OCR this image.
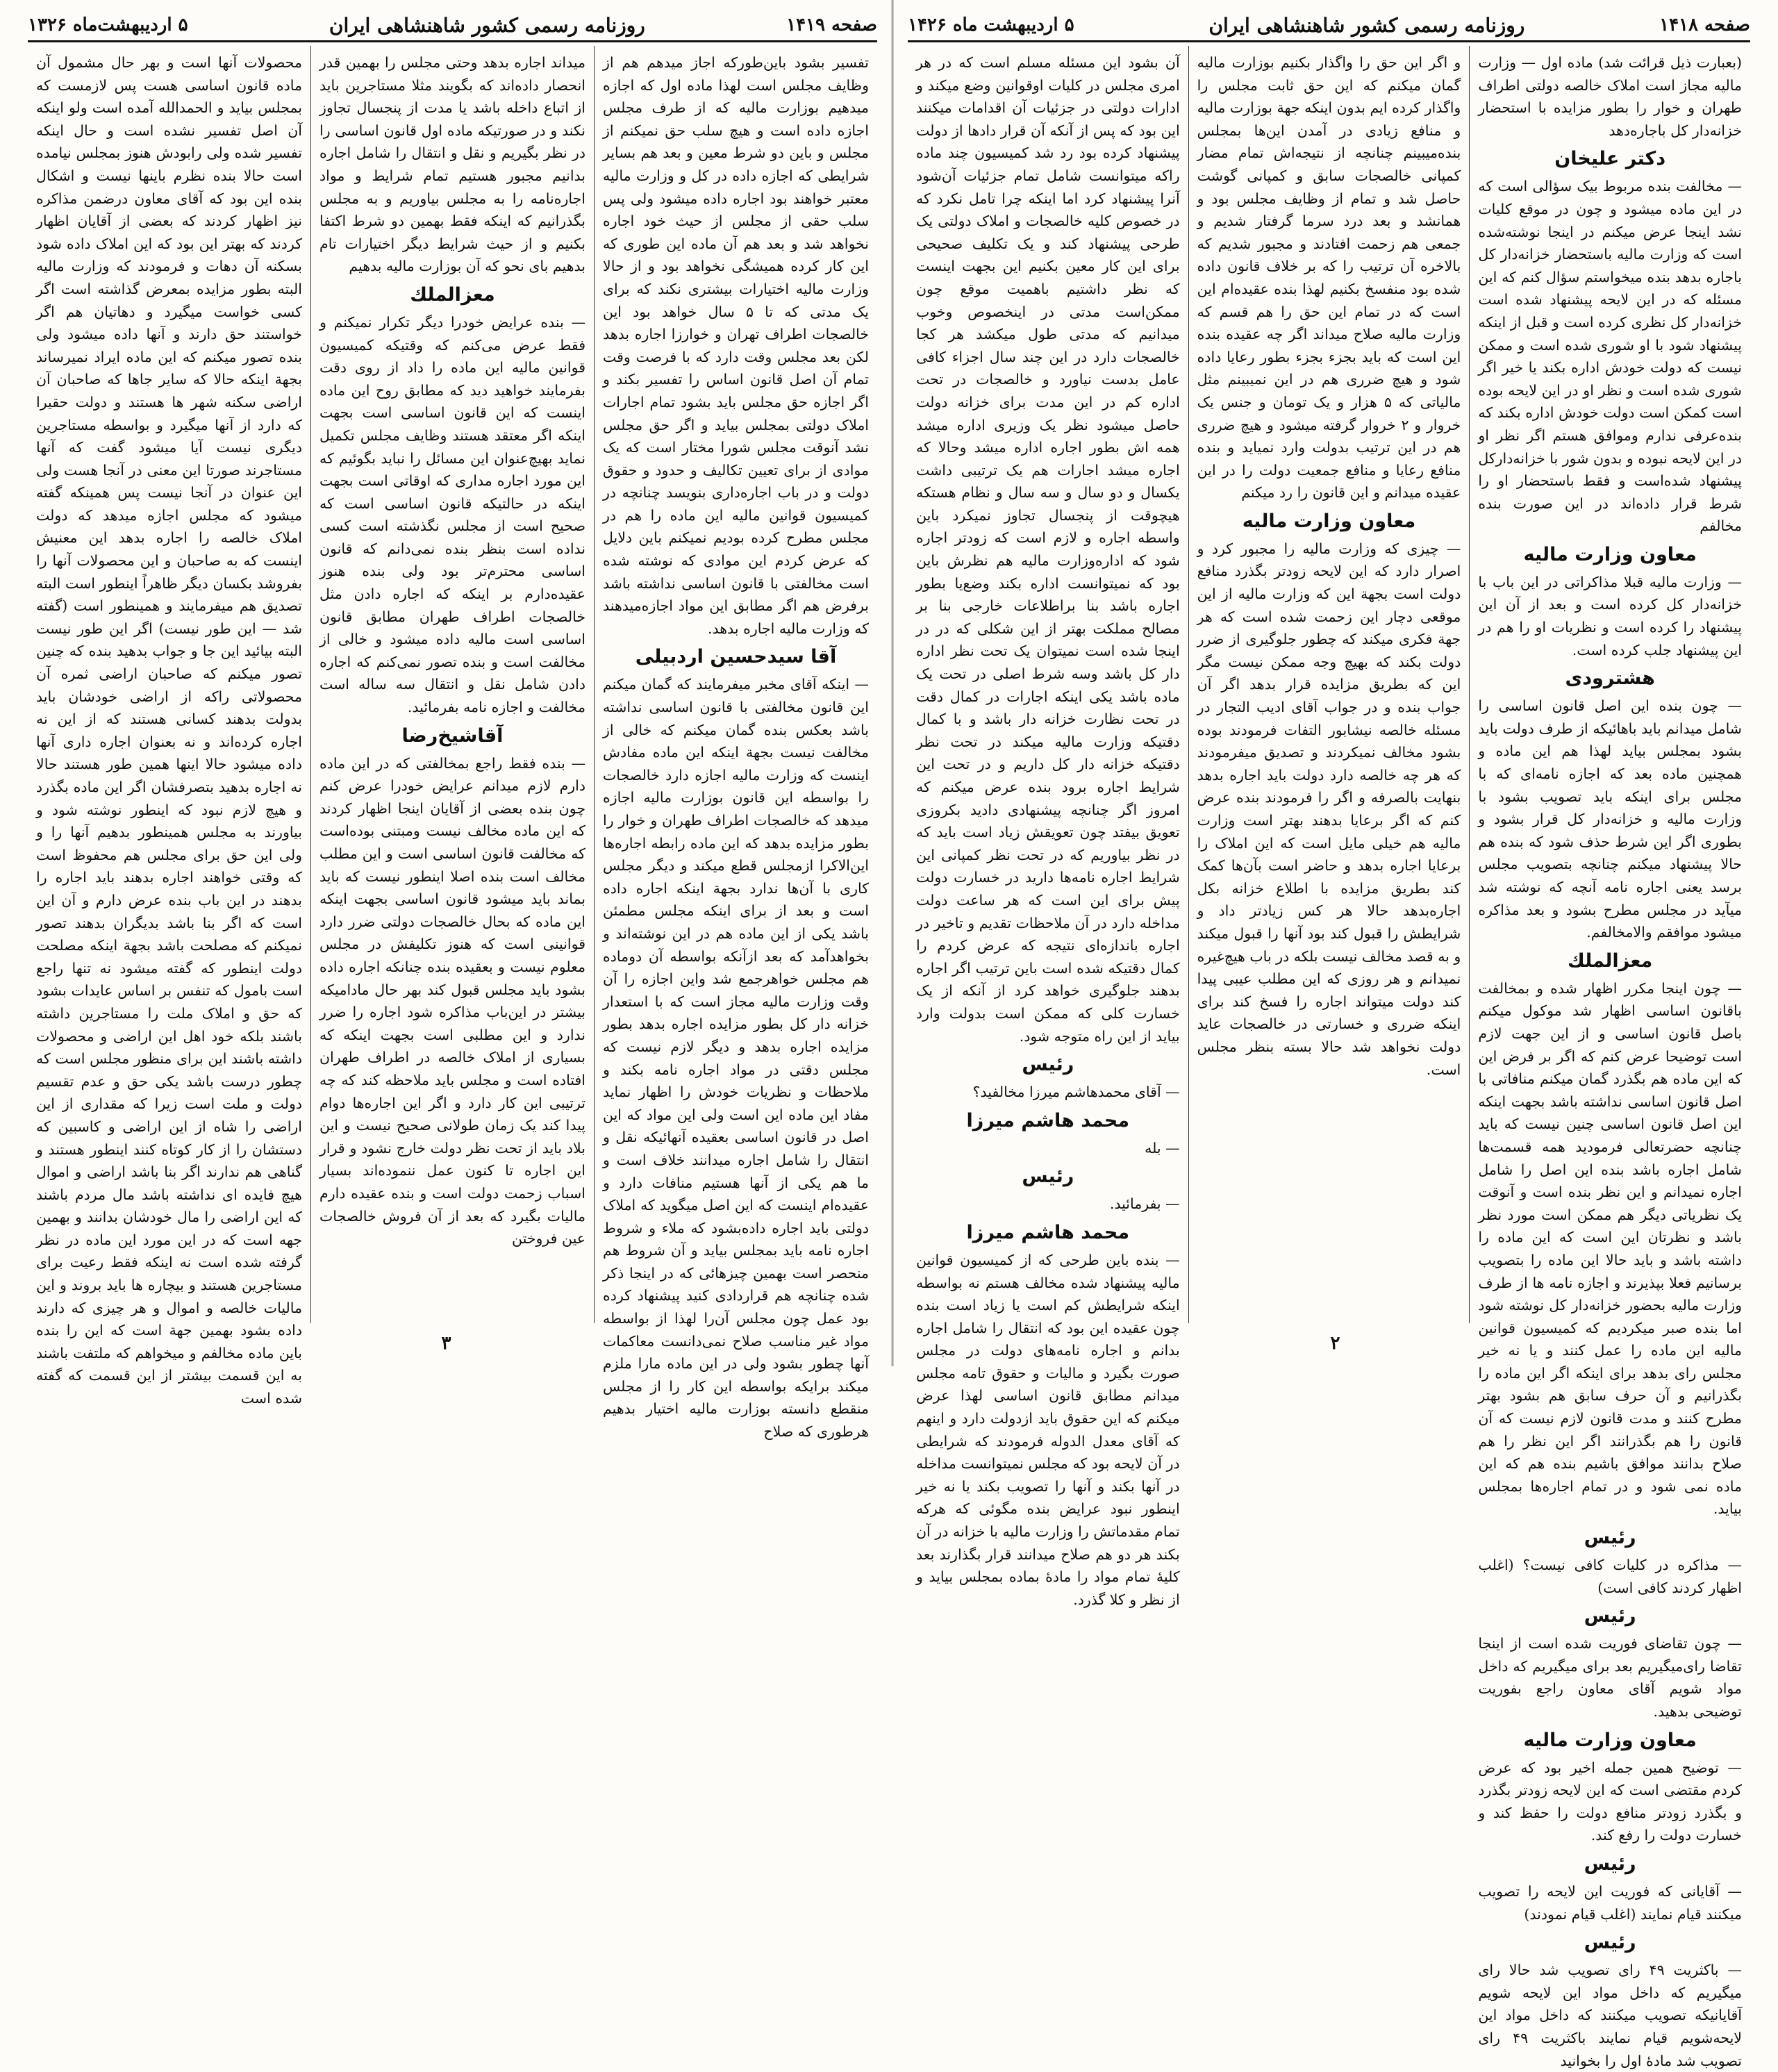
صفحه ۱۴۱۹
روزنامه رسمی کشور شاهنشاهی ایران
۵ اردیبهشت‌ماه ۱۳۲۶
تفسیر بشود باین‌طورکه اجاز میدهم هم از وظایف مجلس است لهذا ماده اول که اجازه میدهیم بوزارت مالیه که از طرف مجلس اجازه داده است و هیچ سلب حق نمیکنم از مجلس و باین دو شرط معین و بعد هم بسایر شرایطی که اجازه داده در کل و وزارت مالیه معتبر خواهند بود اجاره داده میشود ولی پس سلب حقی از مجلس از حیث خود اجاره نخواهد شد و بعد هم آن ماده این طوری که این کار کرده همیشگی نخواهد بود و از حالا وزارت مالیه اختیارات بیشتری نکند که برای یک مدتی که تا ۵ سال خواهد بود این خالصجات اطراف تهران و خوارزا اجاره بدهد لکن بعد مجلس وقت دارد که با فرصت وقت تمام آن اصل قانون اساس را تفسیر بکند و اگر اجازه حق مجلس باید بشود تمام اجارات املاک دولتی بمجلس بیاید و اگر حق مجلس نشد آنوقت مجلس شورا مختار است که یک موادی از برای تعیین تکالیف و حدود و حقوق دولت و در باب اجاره‌داری بنویسد چنانچه در کمیسیون قوانین مالیه این ماده را هم در مجلس مطرح کرده بودیم نمیکنم باین دلایل که عرض کردم این مواد‌ی که نوشته شده است مخالفتی با قانون اساسی نداشته باشد برفرض هم اگر مطابق این مواد اجازه‌میدهند که وزارت مالیه اجاره بدهد.
آقا سیدحسین اردبیلی
— اینکه آقای مخبر میفرمایند که گمان میکنم این قانون مخالفتی با قانون اساسی نداشته باشد بعکس بنده گمان میکنم که خالی از مخالفت نیست بجهة اینکه این ماده مفادش اینست که وزارت مالیه اجازه دارد خالصجات را بواسطه این قانون بوزارت مالیه اجازه میدهد که خالصجات اطراف طهران و خوار را بطور مزایده بدهد که این ماده رابطه اجاره‌ها این‌الاکرا ازمجلس قطع میکند و دیگر مجلس کاری با آن‌ها ندارد بجهة اینکه اجاره داده است و بعد از برای اینکه مجلس مطمئن باشد یکی از این ماده هم در این نوشته‌اند و بخواهد‌آمد که بعد ازآنکه بواسطه آن دوماده هم مجلس خواهرجمع شد واین اجازه را آن وقت وزارت مالیه مجاز است که با استعدار خزانه دار کل بطور مزایده اجاره بدهد بطور مزایده اجاره بدهد و دیگر لازم نیست که مجلس دقتی در مواد اجاره نامه بکند و ملاحظات و نظریات خودش را اظهار نماید مفاد این ماده این است ولی این مواد که این اصل در قانون اساسی بعقیده آنهائیکه نقل و انتقال را شامل اجاره میدانند خلاف است و ما هم یکی از آنها هستیم منافات دارد و عقیده‌ام اینست که این اصل میگوید که املاک دولتی باید اجاره داده‌بشود که ملاء و شروط اجاره نامه باید بمجلس بیاید و آن شروط هم منحصر است بهمین چیزهائی که در اینجا ذکر شده چنانچه هم قراردادی کنید پیشنهاد کرده بود عمل چون مجلس آن‌را لهذا از بواسطه مواد غیر مناسب صلاح نمی‌دانست معاکمات آنها چطور بشود ولی در این ماده مارا ملزم میکند برایکه بواسطه این کار را از مجلس منقطع دانسته بوزارت مالیه اختیار بدهیم هرطوری که صلاح
میداند اجاره بدهد وحتی مجلس را بهمین قدر انحصار داده‌اند که بگویند مثلا مستاجرین باید از اتباع داخله باشد یا مدت از پنجسال تجاوز نکند و در صورتیکه ماده اول قانون اساسی را در نظر بگیریم و نقل و انتقال را شامل اجاره بدانیم مجبور هستیم تمام شرایط و مواد اجاره‌نامه را به مجلس بیاوریم و به مجلس بگذرانیم که اینکه فقط بهمین دو شرط اکتفا بکنیم و از حیث شرایط دیگر اختیارات تام بدهیم بای نحو که آن بوزارت مالیه بدهیم
معزالملك
— بنده عرایض خودرا دیگر تکرار نمیکنم و فقط عرض می‌کنم که وقتیکه کمیسیون قوانین مالیه این ماده را داد از روی دقت بفرمایند خواهید دید که مطابق روح این ماده اینست که این قانون اساسی است بجهت اینکه اگر معتقد هستند وظایف مجلس تکمیل نماید بهیچ‌عنوان این مسائل را نباید بگوئیم که این مورد اجاره مداری که اوقاتی است بجهت اینکه در حالتیکه قانون اساسی است که صحیح است از مجلس نگذشته است کسی نداده است بنظر بنده نمی‌دانم که قانون اساسی محترم‌تر بود ولی بنده هنوز عقیده‌دارم بر اینکه که اجاره دادن مثل خالصجات اطراف طهران مطابق قانون اساسی است مالیه داده میشود و خالی از مخالفت است و بنده تصور نمی‌کنم که اجاره دادن شامل نقل و انتقال سه ساله است مخالفت و اجازه نامه بفرمائید.
آقاشیخ‌رضا
— بنده فقط راجع بمخالفتی که در این ماده دارم لازم میدانم عرایض خودرا عرض کنم چون بنده بعضی از آقایان اینجا اظهار کردند که این ماده مخالف نیست ومبتنی بوده‌است که مخالفت قانون اساسی است و این مطلب مخالف است بنده اصلا اینطور نیست که باید بماند باید میشود قانون اساسی بجهت اینکه این ماده که بحال خالصجات دولتی ضرر دارد قوانینی است که هنوز تکلیفش در مجلس معلوم نیست و بعقیده بنده چنانکه اجاره داده بشود باید مجلس قبول کند بهر حال مادامیکه بیشتر در این‌باب مذاکره شود اجاره را ضرر ندارد و این مطلبی است بجهت اینکه که بسیاری از املاک خالصه در اطراف طهران افتاده است و مجلس باید ملاحظه کند که چه ترتیبی این کار دارد و اگر این اجاره‌ها دوام پیدا کند یک زمان طولانی صحیح نیست و این بلاد باید از تحت نظر دولت خارج نشود و قرار این اجاره تا کنون عمل ننموده‌اند بسیار اسباب زحمت دولت است و بنده عقیده دارم مالیات بگیرد که بعد از آن فروش خالصجات عین فروختن
محصولات آنها است و بهر حال مشمول آن ماده قانون اساسی هست پس لازمست که بمجلس بیاید و الحمدالله آمده است ولو اینکه آن اصل تفسیر نشده است و حال اینکه تفسیر شده ولی رابودش هنوز بمجلس نیامده است حالا بنده نظرم باینها نیست و اشکال بنده این بود که آقای معاون درضمن مذاکره نیز اظهار کردند که بعضی از آقایان اظهار کردند که بهتر این بود که این املاک داده شود بسکنه آن دهات و فرمودند که وزارت مالیه البته بطور مزایده بمعرض گذاشته است اگر کسی خواست میگیرد و دهاتیان هم اگر خواستند حق دارند و آنها داده میشود ولی بنده تصور میکنم که این ماده ایراد نمیرساند بجهة اینکه حالا که سایر جاها که صاحبان آن اراضی سکنه شهر ها هستند و دولت حقیرا که دارد از آنها میگیرد و بواسطه مستاجرین دیگری نیست آیا میشود گفت که آنها مستاجرند صورتا این معنی در آنجا هست ولی این عنوان در آنجا نیست پس همینکه گفته میشود که مجلس اجازه میدهد که دولت املاک خالصه را اجاره بدهد این معنیش اینست که به صاحبان و این محصولات آنها را بفروشد بکسان دیگر ظاهراً اینطور است البته تصدیق هم میفرمایند و همینطور است (گفته شد — این طور نیست) اگر این طور نیست البته بیائید این جا و جواب بدهید بنده که چنین تصور میکنم که صاحبان اراضی ثمره آن محصولاتی راکه از اراضی خودشان باید بدولت بدهند کسانی هستند که از این نه اجاره کرده‌اند و نه بعنوان اجاره داری آنها داده میشود حالا اینها همین طور هستند حالا نه اجاره بدهید بتصرفشان اگر این ماده بگذرد و هیچ لازم نبود که اینطور نوشته شود و بیاورند به مجلس همینطور بدهیم آنها را و ولی این حق برای مجلس هم محفوظ است که وقتی خواهند اجاره بدهند باید اجاره را بدهند در این باب بنده عرض دارم و آن این است که اگر بنا باشد بدیگران بدهند تصور نمیکنم که مصلحت باشد بجهة اینکه مصلحت دولت اینطور که گفته میشود نه تنها راجع است بامول که تنفس بر اساس عایدات بشود که حق و املاک ملت را مستاجرین داشته باشند بلکه خود اهل این اراضی و محصولات داشته باشند این برای منظور مجلس است که چطور درست باشد یکی حق و عدم تقسیم دولت و ملت است زیرا که مقداری از این اراضی را شاه از این اراضی و کاسبین که دستشان را از کار کوتاه کنند اینطور هستند و گناهی هم ندارند اگر بنا باشد اراضی و اموال هیچ فایده ای نداشته باشد مال مردم باشند که این اراضی را مال خودشان بدانند و بهمین جهه است که در این مورد این ماده در نظر گرفته شده است نه اینکه فقط رعیت برای مستاجرین هستند و بیچاره ها باید بروند و این مالیات خالصه و اموال و هر چیزی که دارند داده بشود بهمین جهة است که این را بنده باین ماده مخالفم و میخواهم که ملتفت باشند به این قسمت بیشتر از این قسمت که گفته شده است
۳
صفحه ۱۴۱۸
روزنامه رسمی کشور شاهنشاهی ایران
۵ اردیبهشت ماه ۱۴۲۶
(بعبارت ذیل قرائت شد) ماده اول — وزارت مالیه مجاز است املاک خالصه دولتی اطراف طهران و خوار را بطور مزایده با استحضار خزانه‌دار کل باجاره‌دهد
دکتر علیخان
— مخالفت بنده مربوط بیک سؤالی است که در این ماده میشود و چون در موقع کلیات نشد اینجا عرض میکنم در اینجا نوشته‌شده است که وزارت مالیه باستحضار خزانه‌دار کل باجاره بدهد بنده میخواستم سؤال کنم که این مسئله که در این لایحه پیشنهاد شده است خزانه‌دار کل نظری کرده است و قبل از اینکه پیشنهاد شود با او شوری شده است و ممکن نیست که دولت خودش اداره بکند یا خیر اگر شوری شده است و نظر او در این لایحه بوده است کمکن است دولت خودش اداره بکند که بنده‌عرفی ندارم وموافق هستم اگر نظر او در این لایحه نبوده و بدون شور با خزانه‌دارکل پیشنهاد شده‌است و فقط باستحضار او را شرط قرار داده‌اند در این صورت بنده مخالفم
معاون وزارت مالیه
— وزارت مالیه قبلا مذاکراتی در این باب با خزانه‌دار کل کرده است و بعد از آن این پیشنهاد را کرده است و نظریات او را هم در این پیشنهاد جلب کرده است.
هشترودی
— چون بنده این اصل قانون اساسی را شامل میدانم باید باهائیکه از طرف دولت باید بشود بمجلس بیاید لهذا هم این ماده و همچنین ماده بعد که اجازه نامه‌ای که با مجلس برای اینکه باید تصویب بشود با وزارت مالیه و خزانه‌دار کل قرار بشود و بطوری اگر این شرط حذف شود که بنده هم حالا پیشنهاد میکنم چنانچه بتصویب مجلس برسد یعنی اجاره نامه آنچه که نوشته شد میآید در مجلس مطرح بشود و بعد مذاکره میشود موافقم والامخالفم.
معزالملك
— چون اینجا مکرر اظهار شده و بمخالفت باقانون اساسی اظهار شد موکول میکنم باصل قانون اساسی و از این جهت لازم است توضیحا عرض کنم که اگر بر فرض این که این ماده هم بگذرد گمان میکنم منافاتی با اصل قانون اساسی نداشته باشد بجهت اینکه این اصل قانون اساسی چنین نیست که باید چنانچه حضرتعالی فرمودید همه قسمت‌ها شامل اجاره باشد بنده این اصل را شامل اجاره نمیدانم و این نظر بنده است و آنوقت یک نظریاتی دیگر هم ممکن است مورد نظر باشد و نظرتان این است که این ماده را داشته باشد و باید حالا این ماده را بتصویب برسانیم فعلا بپذیرند و اجازه نامه ها از طرف وزارت مالیه بحضور خزانه‌دار کل نوشته شود اما بنده صبر میکردیم که کمیسیون قوانین مالیه این ماده را عمل کنند و یا نه خیر مجلس رای بدهد برای اینکه اگر این ماده را بگذرانیم و آن حرف سابق هم بشود بهتر مطرح کنند و مدت قانون لازم نیست که آن قانون را هم بگذرانند اگر این نظر را هم صلاح بدانند موافق باشیم بنده هم که این ماده نمی شود و در تمام اجاره‌ها بمجلس بیاید.
رئیس
— مذاکره در کلیات کافی نیست؟ (اغلب اظهار کردند کافی است)
رئیس
— چون تقاضای فوریت شده است از اینجا تقاضا رای‌میگیریم بعد برای میگیریم که داخل مواد شویم آقای معاون راجع بفوریت توضیحی بدهید.
معاون وزارت مالیه
— توضیح همین جمله اخیر بود که عرض کردم مقتضی است که این لایحه زودتر بگذرد و بگذرد زودتر منافع دولت را حفظ کند و خسارت دولت را رفع کند.
رئیس
— آقایانی که فوریت این لایحه را تصویب میکنند قیام نمایند (اغلب قیام نمودند)
رئیس
— باکثریت ۴۹ رای تصویب شد حالا رای میگیریم که داخل مواد این لایحه شویم آقایانیکه تصویب میکنند که داخل مواد این لایحه‌شویم قیام نمایند باکثریت ۴۹ رای تصویب شد مادهٔ اول را بخوانید
و اگر این حق را واگذار بکنیم بوزارت مالیه گمان میکنم که این حق ثابت مجلس را واگذار کرده ایم بدون اینکه جهة بوزارت مالیه و منافع زیادی در آمدن این‌ها بمجلس بنده‌میبینم چنانچه از نتیجه‌اش تمام مضار کمپانی خالصجات سابق و کمپانی گوشت حاصل شد و تمام از وظایف مجلس بود و همانشد و بعد درد سرما گرفتار شدیم و جمعی هم زحمت افتادند و مجبور شدیم که بالاخره آن ترتیب را که بر خلاف قانون داده شده بود منفسخ بکنیم لهذا بنده عقیده‌ام این است که در تمام این حق را هم قسم که وزارت مالیه صلاح میداند اگر چه عقیده بنده این است که باید بجزء بجزء بطور رعایا داده شود و هیچ ضرری هم در این نمیبینم مثل مالیاتی که ۵ هزار و یک تومان و جنس یک خروار و ۲ خروار گرفته میشود و هیچ ضرری هم در این ترتیب بدولت وارد نمیاید و بنده منافع رعایا و منافع جمعیت دولت را در این عقیده میدانم و این قانون را رد میکنم
معاون وزارت مالیه
— چیزی که وزارت مالیه را مجبور کرد و اصرار دارد که این لایحه زودتر بگذرد منافع دولت است بجهة این که وزارت مالیه از این موقعی دچار این زحمت شده است که هر جهة فکری میکند که چطور جلوگیری از ضرر دولت بکند که بهیچ وجه ممکن نیست مگر این که بطریق مزایده قرار بدهد اگر آن جواب بنده و در جواب آقای ادیب التجار در مسئله خالصه نیشابور التفات فرمودند بوده بشود مخالف نمیکردند و تصدیق میفرمودند که هر چه خالصه دارد دولت باید اجاره بدهد بنهایت بالصرفه و اگر را فرمودند بنده عرض کنم که اگر برعایا بدهند بهتر است وزارت مالیه هم خیلی مایل است که این املاک را برعایا اجاره بدهد و حاضر است بآن‌ها کمک کند بطریق مزایده با اطلاع خزانه بکل اجاره‌بدهد حالا هر کس زیادتر داد و شرایطش را قبول کند بود آنها را قبول میکند و به قصد مخالف نیست بلکه در باب هیچ‌غیره نمیدانم و هر روزی که این مطلب عیبی پیدا کند دولت میتواند اجاره را فسخ کند برای اینکه ضرری و خسارتی در خالصجات عاید دولت نخواهد شد حالا بسته بنظر مجلس است.
آن بشود این مسئله مسلم است که در هر امری مجلس در کلیات اوقوانین وضع میکند و ادارات دولتی در جزئیات آن اقدامات میکنند این بود که پس از آنکه آن قرار دادها از دولت پیشنهاد کرده بود رد شد کمیسیون چند ماده راکه میتوانست شامل تمام جزئیات آن‌شود آنرا پیشنهاد کرد اما اینکه چرا تامل نکرد که در خصوص کلیه خالصجات و املاک دولتی یک طرحی پیشنهاد کند و یک تکلیف صحیحی برای این کار معین بکنیم این بجهت اینست که نظر داشتیم باهمیت موقع چون ممکن‌است مدتی در اینخصوص وخوب میدانیم که مدتی طول میکشد هر کجا خالصجات دارد در این چند سال اجزاء کافی عامل بدست نیاورد و خالصجات در تحت اداره کم در این مدت برای خزانه دولت حاصل میشود نظر یک وزیری اداره میشد همه اش بطور اجاره اداره میشد وحالا که اجاره میشد اجارات هم یک ترتیبی داشت یکسال و دو سال و سه سال و نظام هستکه هیچوقت از پنجسال تجاوز نمیکرد باین واسطه اجاره و لازم است که زودتر اجاره شود که اداره‌وزارت مالیه هم نظرش باین بود که نمیتوانست اداره بکند وضع‌یا بطور اجاره باشد بنا براطلاعات خارجی بنا بر مصالح مملکت بهتر از این شکلی که در در اینجا شده است نمیتوان یک تحت نظر اداره دار کل باشد وسه شرط اصلی در تحت یک ماده باشد یکی اینکه اجارات در کمال دقت در تحت نظارت خزانه دار باشد و با کمال دقتیکه وزارت مالیه میکند در تحت نظر دقتیکه خزانه دار کل داریم و در تحت این شرایط اجاره برود بنده عرض میکنم که امروز اگر چنانچه پیشنهادی دادید بکروزی تعویق بیفتد چون تعویقش زیاد است باید که در نظر بیاوریم که در تحت نظر کمپانی این شرایط اجاره نامه‌ها دارید در خسارت دولت پیش برای این است که هر ساعت دولت مداخله دارد در آن ملاحظات تقدیم و تاخیر در اجاره باندازه‌ای نتیجه که عرض کردم را کمال دقتیکه شده است باین ترتیب اگر اجاره بدهند جلوگیری خواهد کرد از آنکه از یک خسارت کلی که ممکن است بدولت وارد بیاید از این راه متوجه شود.
رئیس
— آقای محمدهاشم میرزا مخالفید؟
محمد هاشم میرزا
— بله
رئیس
— بفرمائید.
محمد هاشم میرزا
— بنده باین طرحی که از کمیسیون قوانین مالیه پیشنهاد شده مخالف هستم نه بواسطه اینکه شرایطش کم است یا زیاد است بنده چون عقیده این بود که انتقال را شامل اجاره بدانم و اجاره نامه‌های دولت در مجلس صورت بگیرد و مالیات و حقوق تامه مجلس میدانم مطابق قانون اساسی لهذا عرض میکنم که این حقوق باید ازدولت دارد و اینهم که آقای معدل الدوله فرمودند که شرایطی در آن لایحه بود که مجلس نمیتوانست مداخله در آنها بکند و آنها را تصویب بکند یا نه خیر اینطور نبود عرایض بنده مگوئی که هرکه تمام مقدماتش را وزارت مالیه با خزانه در آن بکند هر دو هم صلاح میدانند قرار بگذارند بعد کلیهٔ تمام مواد را مادهٔ بماده بمجلس بیاید و از نظر و کلا گذرد.
۲
